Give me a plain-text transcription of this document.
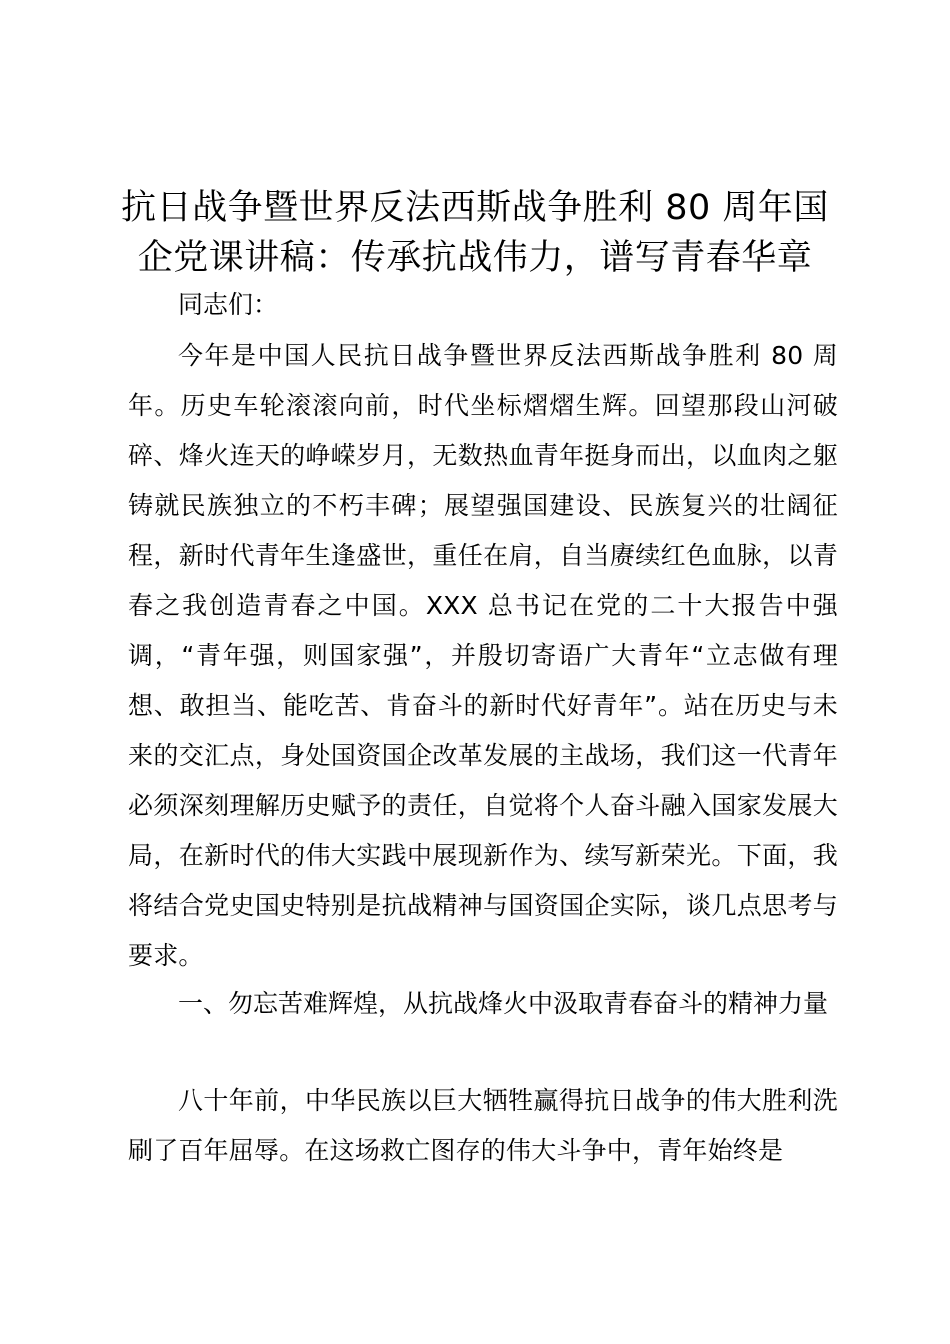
抗日战争暨世界反法西斯战争胜利 80 周年国
企党课讲稿：传承抗战伟力，谱写青春华章
同志们：
今年是中国人民抗日战争暨世界反法西斯战争胜利 80 周年。历史车轮滚滚向前，时代坐标熠熠生辉。回望那段山河破碎、烽火连天的峥嵘岁月，无数热血青年挺身而出，以血肉之躯铸就民族独立的不朽丰碑；展望强国建设、民族复兴的壮阔征程，新时代青年生逢盛世，重任在肩，自当赓续红色血脉，以青春之我创造青春之中国。XXX 总书记在党的二十大报告中强调，“青年强，则国家强”，并殷切寄语广大青年“立志做有理想、敢担当、能吃苦、肯奋斗的新时代好青年”。站在历史与未来的交汇点，身处国资国企改革发展的主战场，我们这一代青年必须深刻理解历史赋予的责任，自觉将个人奋斗融入国家发展大局，在新时代的伟大实践中展现新作为、续写新荣光。下面，我将结合党史国史特别是抗战精神与国资国企实际，谈几点思考与要求。
一、勿忘苦难辉煌，从抗战烽火中汲取青春奋斗的精神力量
八十年前，中华民族以巨大牺牲赢得抗日战争的伟大胜利洗刷了百年屈辱。在这场救亡图存的伟大斗争中，青年始终是
